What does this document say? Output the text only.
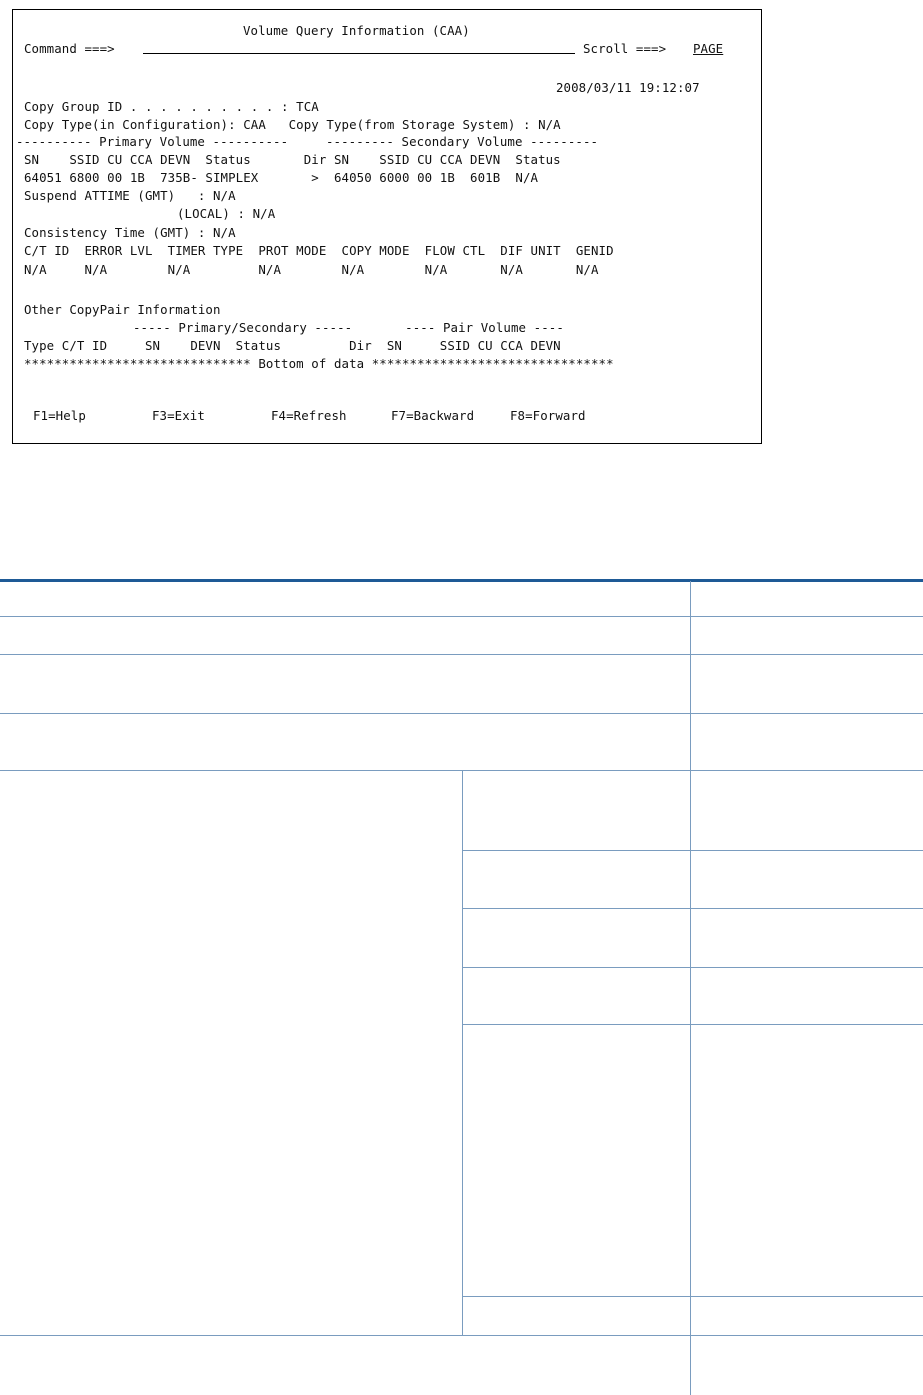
Volume Query Information (CAA)
Command ===>	Scroll ===> PAGE
2008/03/11 19:12:07
Copy Group ID . . . . . . . . . . : TCA
Copy Type(in Configuration): CAA   Copy Type(from Storage System) : N/A
---------- Primary Volume ----------     --------- Secondary Volume ---------
SN    SSID CU CCA DEVN  Status       Dir SN    SSID CU CCA DEVN  Status
64051 6800 00 1B  735B- SIMPLEX       >  64050 6000 00 1B  601B  N/A
Suspend ATTIME (GMT)   : N/A
(LOCAL) : N/A
Consistency Time (GMT) : N/A
C/T ID  ERROR LVL  TIMER TYPE  PROT MODE  COPY MODE  FLOW CTL  DIF UNIT  GENID
N/A     N/A        N/A         N/A        N/A        N/A       N/A       N/A
Other CopyPair Information
----- Primary/Secondary -----       ---- Pair Volume ----
Type C/T ID     SN    DEVN  Status         Dir  SN     SSID CU CCA DEVN
****************************** Bottom of data ********************************
F1=Help	F3=Exit	F4=Refresh	F7=Backward	F8=Forward
